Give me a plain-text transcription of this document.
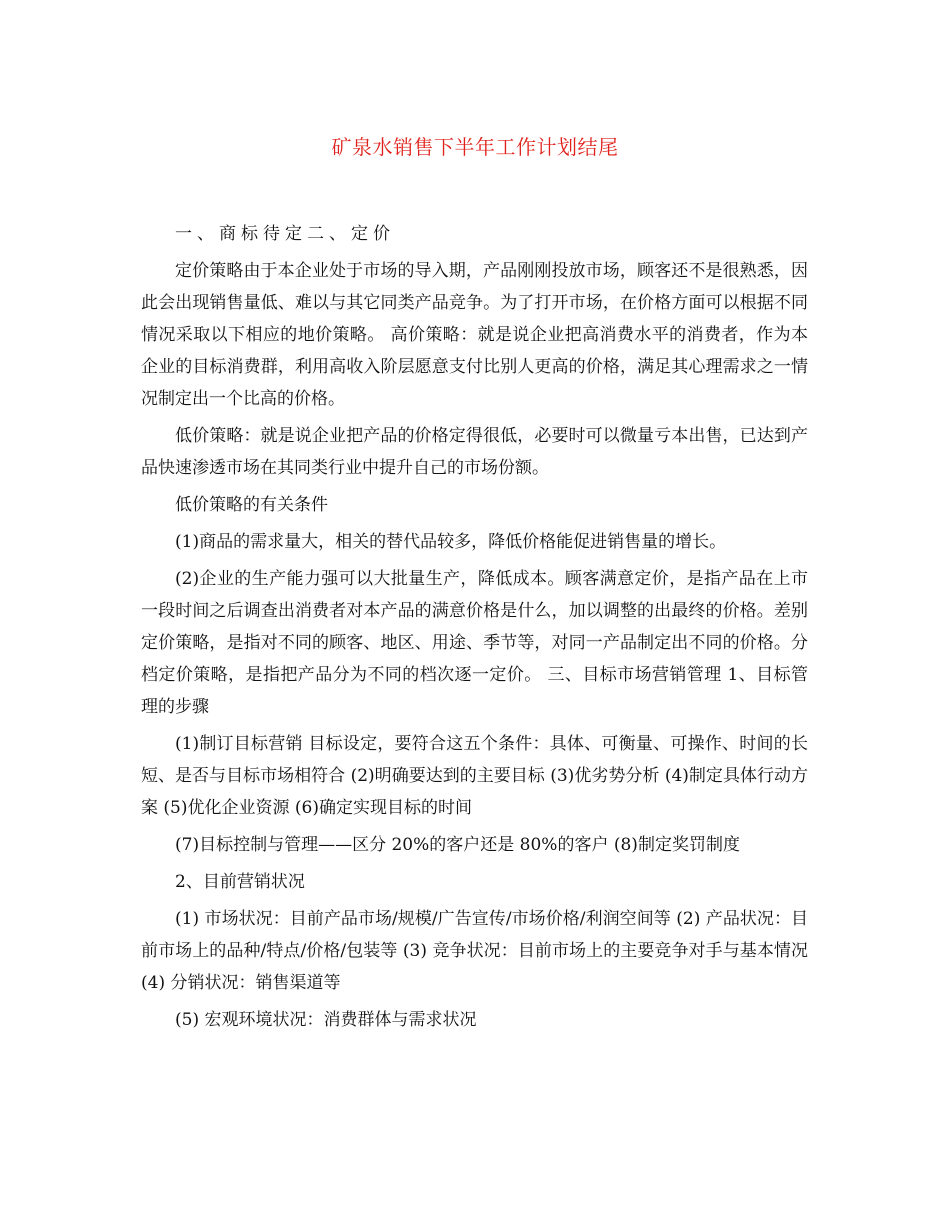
矿泉水销售下半年工作计划结尾

一、商标待定二、定价

定价策略由于本企业处于市场的导入期，产品刚刚投放市场，顾客还不是很熟悉，因此会出现销售量低、难以与其它同类产品竞争。为了打开市场，在价格方面可以根据不同情况采取以下相应的地价策略。 高价策略：就是说企业把高消费水平的消费者，作为本企业的目标消费群，利用高收入阶层愿意支付比别人更高的价格，满足其心理需求之一情况制定出一个比高的价格。

低价策略：就是说企业把产品的价格定得很低，必要时可以微量亏本出售，已达到产品快速渗透市场在其同类行业中提升自己的市场份额。

低价策略的有关条件

(1)商品的需求量大，相关的替代品较多，降低价格能促进销售量的增长。

(2)企业的生产能力强可以大批量生产，降低成本。顾客满意定价，是指产品在上市一段时间之后调查出消费者对本产品的满意价格是什么，加以调整的出最终的价格。差别定价策略，是指对不同的顾客、地区、用途、季节等，对同一产品制定出不同的价格。分档定价策略，是指把产品分为不同的档次逐一定价。 三、目标市场营销管理 1、目标管理的步骤

(1)制订目标营销 目标设定，要符合这五个条件：具体、可衡量、可操作、时间的长短、是否与目标市场相符合 (2)明确要达到的主要目标 (3)优劣势分析 (4)制定具体行动方案 (5)优化企业资源 (6)确定实现目标的时间

(7)目标控制与管理——区分 20%的客户还是 80%的客户 (8)制定奖罚制度

2、目前营销状况

(1) 市场状况：目前产品市场/规模/广告宣传/市场价格/利润空间等 (2) 产品状况：目前市场上的品种/特点/价格/包装等 (3) 竞争状况：目前市场上的主要竞争对手与基本情况 (4) 分销状况：销售渠道等

(5) 宏观环境状况：消费群体与需求状况
